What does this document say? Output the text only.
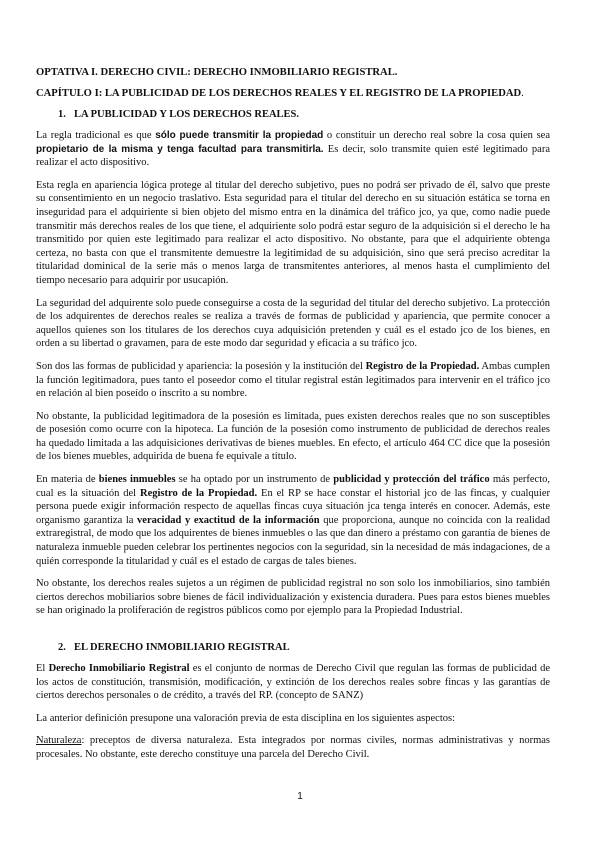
OPTATIVA I. DERECHO CIVIL: DERECHO INMOBILIARIO REGISTRAL.
CAPÍTULO I: LA PUBLICIDAD DE LOS DERECHOS REALES Y EL REGISTRO DE LA PROPIEDAD.
1. LA PUBLICIDAD Y LOS DERECHOS REALES.

La regla tradicional es que sólo puede transmitir la propiedad o constituir un derecho real sobre la cosa quien sea propietario de la misma y tenga facultad para transmitirla. Es decir, solo transmite quien esté legitimado para realizar el acto dispositivo.

Esta regla en apariencia lógica protege al titular del derecho subjetivo, pues no podrá ser privado de él, salvo que preste su consentimiento en un negocio traslativo. Esta seguridad para el titular del derecho en su situación estática se torna en inseguridad para el adquiriente si bien objeto del mismo entra en la dinámica del tráfico jco, ya que, como nadie puede transmitir más derechos reales de los que tiene, el adquiriente solo podrá estar seguro de la adquisición si el derecho le ha transmitido por quien este legitimado para realizar el acto dispositivo. No obstante, para que el adquiriente obtenga certeza, no basta con que el transmitente demuestre la legitimidad de su adquisición, sino que será preciso acreditar la titularidad dominical de la serie más o menos larga de transmitentes anteriores, al menos hasta el cumplimiento del tiempo necesario para adquirir por usucapión.

La seguridad del adquirente solo puede conseguirse a costa de la seguridad del titular del derecho subjetivo. La protección de los adquirentes de derechos reales se realiza a través de formas de publicidad y apariencia, que permite conocer a aquellos quienes son los titulares de los derechos cuya adquisición pretenden y cuál es el estado jco de los bienes, en orden a su libertad o gravamen, para de este modo dar seguridad y eficacia a su tráfico jco.

Son dos las formas de publicidad y apariencia: la posesión y la institución del Registro de la Propiedad. Ambas cumplen la función legitimadora, pues tanto el poseedor como el titular registral están legitimados para intervenir en el tráfico jco en relación al bien poseído o inscrito a su nombre.

No obstante, la publicidad legitimadora de la posesión es limitada, pues existen derechos reales que no son susceptibles de posesión como ocurre con la hipoteca. La función de la posesión como instrumento de publicidad de derechos reales ha quedado limitada a las adquisiciones derivativas de bienes muebles. En efecto, el artículo 464 CC dice que la posesión de los bienes muebles, adquirida de buena fe equivale a título.

En materia de bienes inmuebles se ha optado por un instrumento de publicidad y protección del tráfico más perfecto, cual es la situación del Registro de la Propiedad. En el RP se hace constar el historial jco de las fincas, y cualquier persona puede exigir información respecto de aquellas fincas cuya situación jca tenga interés en conocer. Además, este organismo garantiza la veracidad y exactitud de la información que proporciona, aunque no coincida con la realidad extraregistral, de modo que los adquirentes de bienes inmuebles o las que dan dinero a préstamo con garantía de bienes de naturaleza inmueble pueden celebrar los pertinentes negocios con la seguridad, sin la necesidad de más indagaciones, de a quién corresponde la titularidad y cuál es el estado de cargas de tales bienes.

No obstante, los derechos reales sujetos a un régimen de publicidad registral no son solo los inmobiliarios, sino también ciertos derechos mobiliarios sobre bienes de fácil individualización y existencia duradera. Pues para estos bienes muebles se han originado la proliferación de registros públicos como por ejemplo para la Propiedad Industrial.

2. EL DERECHO INMOBILIARIO REGISTRAL

El Derecho Inmobiliario Registral es el conjunto de normas de Derecho Civil que regulan las formas de publicidad de los actos de constitución, transmisión, modificación, y extinción de los derechos reales sobre fincas y las garantías de ciertos derechos personales o de crédito, a través del RP. (concepto de SANZ)

La anterior definición presupone una valoración previa de esta disciplina en los siguientes aspectos:

Naturaleza: preceptos de diversa naturaleza. Esta integrados por normas civiles, normas administrativas y normas procesales. No obstante, este derecho constituye una parcela del Derecho Civil.

1
